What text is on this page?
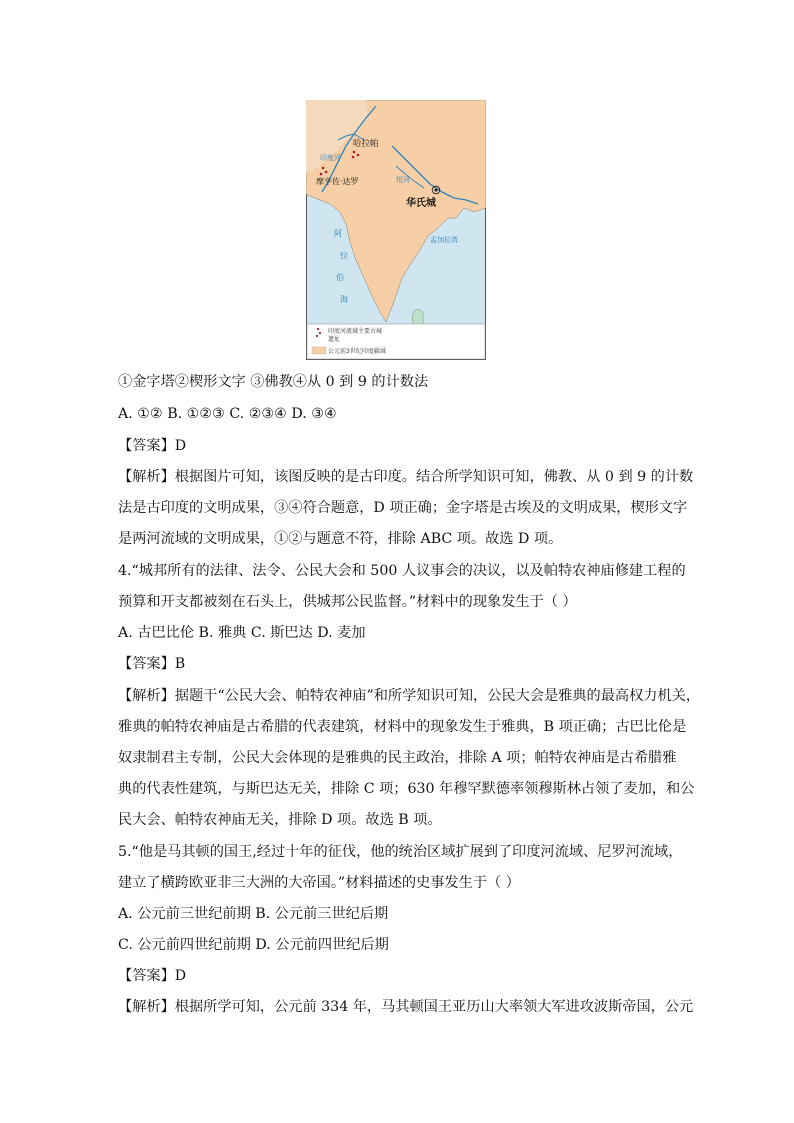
哈拉帕
摩亨佐·达罗
华氏城
印度河
恒河
阿
拉
伯
海
孟加拉湾
印度河流域主要古城
遗址
公元前3世纪印度疆域
①金字塔②楔形文字 ③佛教④从 0 到 9 的计数法
A. ①② B. ①②③ C. ②③④ D. ③④
【答案】D
【解析】根据图片可知，该图反映的是古印度。结合所学知识可知，佛教、从 0 到 9 的计数
法是古印度的文明成果，③④符合题意，D 项正确；金字塔是古埃及的文明成果，楔形文字
是两河流域的文明成果，①②与题意不符，排除 ABC 项。故选 D 项。
4.“城邦所有的法律、法令、公民大会和 500 人议事会的决议，以及帕特农神庙修建工程的
预算和开支都被刻在石头上，供城邦公民监督。”材料中的现象发生于（ ）
A. 古巴比伦 B. 雅典 C. 斯巴达 D. 麦加
【答案】B
【解析】据题干“公民大会、帕特农神庙”和所学知识可知，公民大会是雅典的最高权力机关，
雅典的帕特农神庙是古希腊的代表建筑，材料中的现象发生于雅典，B 项正确；古巴比伦是
奴隶制君主专制，公民大会体现的是雅典的民主政治，排除 A 项；帕特农神庙是古希腊雅
典的代表性建筑，与斯巴达无关，排除 C 项；630 年穆罕默德率领穆斯林占领了麦加，和公
民大会、帕特农神庙无关，排除 D 项。故选 B 项。
5.“他是马其顿的国王,经过十年的征伐，他的统治区域扩展到了印度河流域、尼罗河流域，
建立了横跨欧亚非三大洲的大帝国。”材料描述的史事发生于（ ）
A. 公元前三世纪前期 B. 公元前三世纪后期
C. 公元前四世纪前期 D. 公元前四世纪后期
【答案】D
【解析】根据所学可知，公元前 334 年，马其顿国王亚历山大率领大军进攻波斯帝国，公元
